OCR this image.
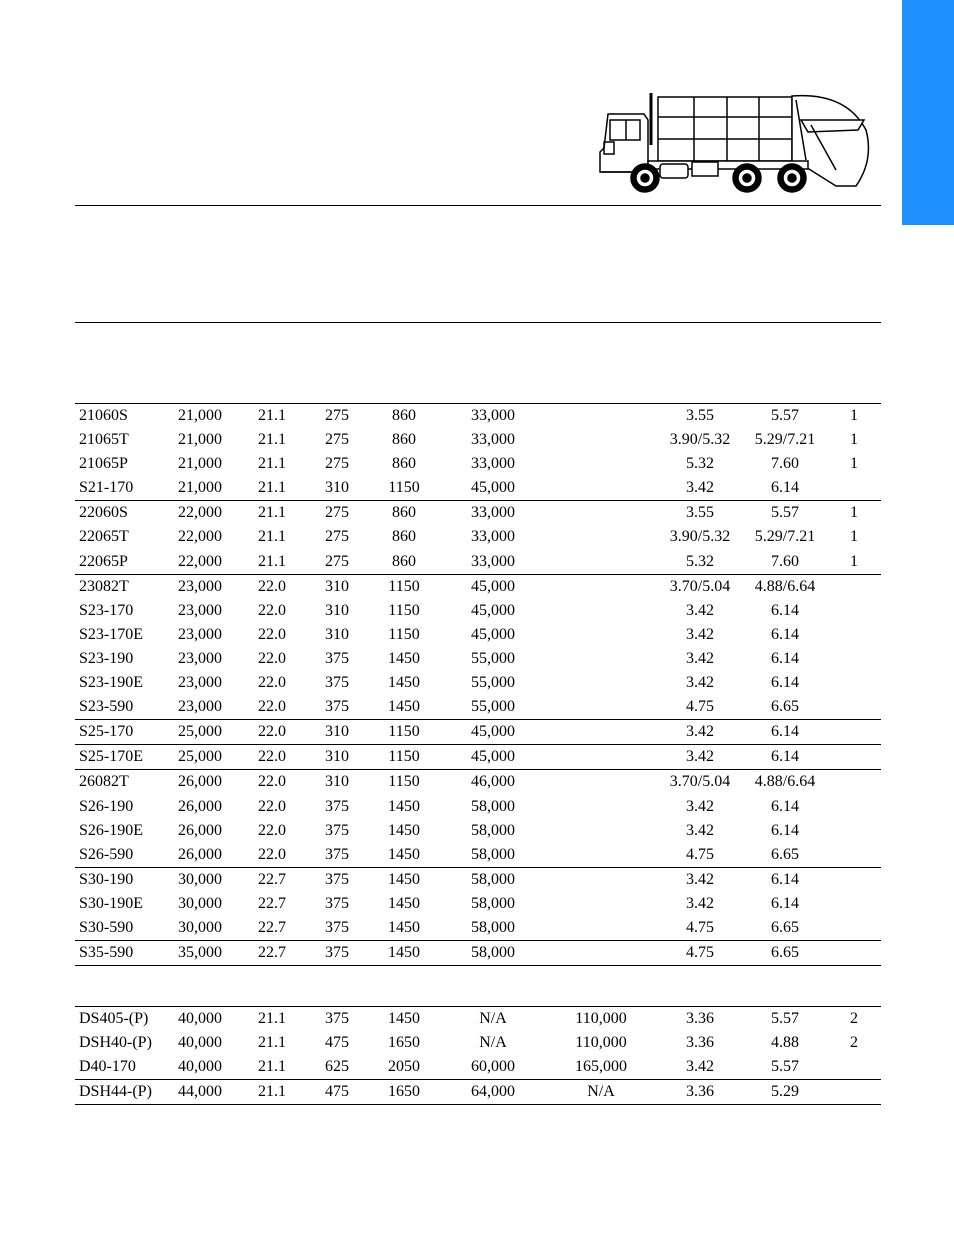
21060S	21,000 21.1 275	860	33,000	3.55	5.57	1
21065T	21,000 21.1 275	860	33,000	3.90/5.32 5.29/7.21 1
21065P	21,000 21.1 275	860	33,000	5.32	7.60	1
S21-170	21,000 21.1 310 1150	45,000	3.42	6.14
22060S	22,000 21.1 275	860	33,000	3.55	5.57	1
22065T	22,000 21.1 275	860	33,000	3.90/5.32 5.29/7.21 1
22065P	22,000 21.1 275	860	33,000	5.32	7.60	1
23082T	23,000 22.0 310 1150	45,000	3.70/5.04 4.88/6.64
S23-170	23,000 22.0 310 1150	45,000	3.42	6.14
S23-170E 23,000 22.0 310 1150	45,000	3.42	6.14
S23-190	23,000 22.0 375 1450	55,000	3.42	6.14
S23-190E 23,000 22.0 375 1450	55,000	3.42	6.14
S23-590	23,000 22.0 375 1450	55,000	4.75	6.65
S25-170	25,000 22.0 310 1150	45,000	3.42	6.14
S25-170E 25,000 22.0 310 1150	45,000	3.42	6.14
26082T	26,000 22.0 310 1150	46,000	3.70/5.04 4.88/6.64
S26-190	26,000 22.0 375 1450	58,000	3.42	6.14
S26-190E 26,000 22.0 375 1450	58,000	3.42	6.14
S26-590	26,000 22.0 375 1450	58,000	4.75	6.65
S30-190	30,000 22.7 375 1450	58,000	3.42	6.14
S30-190E 30,000 22.7 375 1450	58,000	3.42	6.14
S30-590	30,000 22.7 375 1450	58,000	4.75	6.65
S35-590	35,000 22.7 375 1450	58,000	4.75	6.65
DS405-(P) 40,000 21.1 375 1450	N/A	110,000	3.36	5.57	2
DSH40-(P) 40,000 21.1 475 1650	N/A	110,000	3.36	4.88	2
D40-170	40,000 21.1 625 2050	60,000	165,000	3.42	5.57
DSH44-(P) 44,000 21.1 475 1650	64,000	N/A	3.36	5.29
